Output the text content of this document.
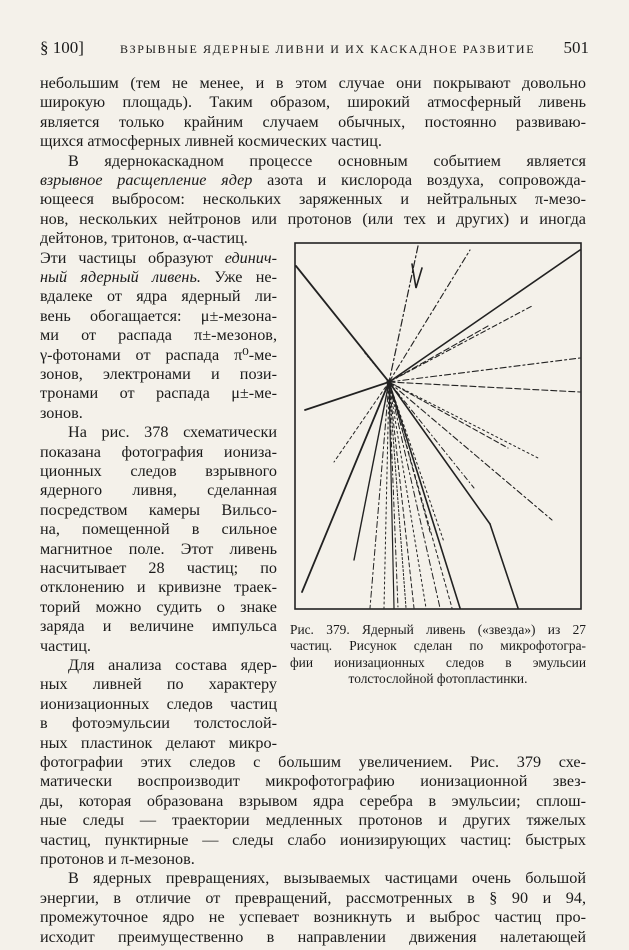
§ 100]	ВЗРЫВНЫЕ ЯДЕРНЫЕ ЛИВНИ И ИХ КАСКАДНОЕ РАЗВИТИЕ 501
небольшим (тем не менее, и в этом случае они покрывают довольно
широкую площадь). Таким образом, широкий атмосферный ливень
является только крайним случаем обычных, постоянно развиваю-
щихся атмосферных ливней космических частиц.
В ядернокаскадном процессе основным событием является
взрывное расщепление ядер азота и кислорода воздуха, сопровожда-
ющееся выбросом: нескольких заряженных и нейтральных π-мезо-
нов, нескольких нейтронов или протонов (или тех и других) и иногда
дейтонов, тритонов, α-частиц.
Эти частицы образуют единич-
ный ядерный ливень. Уже не-
вдалеке от ядра ядерный ли-
вень обогащается: μ±-мезона-
ми от распада π±-мезонов,
γ-фотонами от распада π⁰-ме-
зонов, электронами и пози-
тронами от распада μ±-ме-
зонов.
На рис. 378 схематически
показана фотография иониза-
ционных следов взрывного
ядерного ливня, сделанная
посредством камеры Вильсо-
на, помещенной в сильное
магнитное поле. Этот ливень
насчитывает 28 частиц; по
отклонению и кривизне траек-
торий можно судить о знаке
заряда и величине импульса
частиц.
Для анализа состава ядер-
ных ливней по характеру
ионизационных следов частиц
в фотоэмульсии толстослой-
ных пластинок делают микро-
фотографии этих следов с большим увеличением. Рис. 379 схе-
матически воспроизводит микрофотографию ионизационной звез-
ды, которая образована взрывом ядра серебра в эмульсии; сплош-
ные следы — траектории медленных протонов и других тяжелых
частиц, пунктирные — следы слабо ионизирующих частиц: быстрых
протонов и π-мезонов.
В ядерных превращениях, вызываемых частицами очень большой
энергии, в отличие от превращений, рассмотренных в § 90 и 94,
промежуточное ядро не успевает возникнуть и выброс частиц про-
исходит преимущественно в направлении движения налетающей
Рис. 379. Ядерный ливень («звезда») из 27
частиц. Рисунок сделан по микрофотогра-
фии ионизационных следов в эмульсии
толстослойной фотопластинки.
